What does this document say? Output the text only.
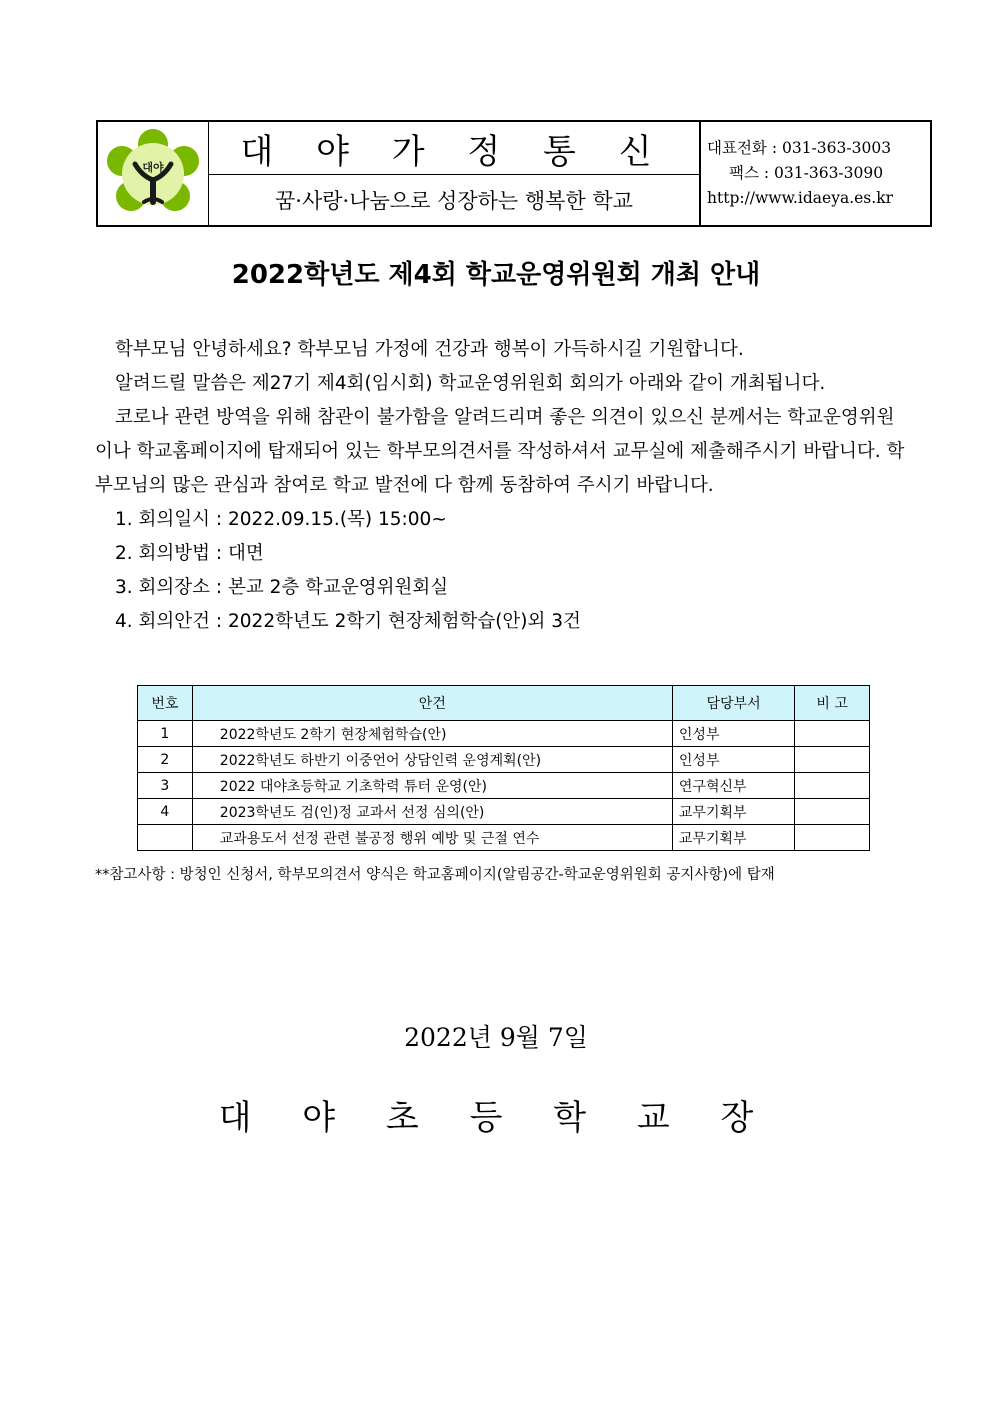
대야	대 야 가 정 통 신
꿈·사랑·나눔으로 성장하는 행복한 학교
대표전화 : 031-363-3003
팩스 : 031-363-3090
http://www.idaeya.es.kr
2022학년도 제4회 학교운영위원회 개최 안내

학부모님 안녕하세요? 학부모님 가정에 건강과 행복이 가득하시길 기원합니다.

알려드릴 말씀은 제27기 제4회(임시회) 학교운영위원회 회의가 아래와 같이 개최됩니다.

코로나 관련 방역을 위해 참관이 불가함을 알려드리며 좋은 의견이 있으신 분께서는 학교운영위원이나 학교홈페이지에 탑재되어 있는 학부모의견서를 작성하셔서 교무실에 제출해주시기 바랍니다. 학부모님의 많은 관심과 참여로 학교 발전에 다 함께 동참하여 주시기 바랍니다.

1. 회의일시 : 2022.09.15.(목) 15:00~

2. 회의방법 : 대면

3. 회의장소 : 본교 2층 학교운영위원회실

4. 회의안건 : 2022학년도 2학기 현장체험학습(안)외 3건

번호	안건	담당부서	비 고
1	2022학년도 2학기 현장체험학습(안)	인성부	
2	2022학년도 하반기 이중언어 상담인력 운영계획(안)	인성부	
3	2022 대야초등학교 기초학력 튜터 운영(안)	연구혁신부	
4	2023학년도 검(인)정 교과서 선정 심의(안)	교무기획부	
	교과용도서 선정 관련 불공정 행위 예방 및 근절 연수	교무기획부	
**참고사항 : 방청인 신청서, 학부모의견서 양식은 학교홈페이지(알림공간-학교운영위원회 공지사항)에 탑재
2022년 9월 7일
대 야 초 등 학 교 장
